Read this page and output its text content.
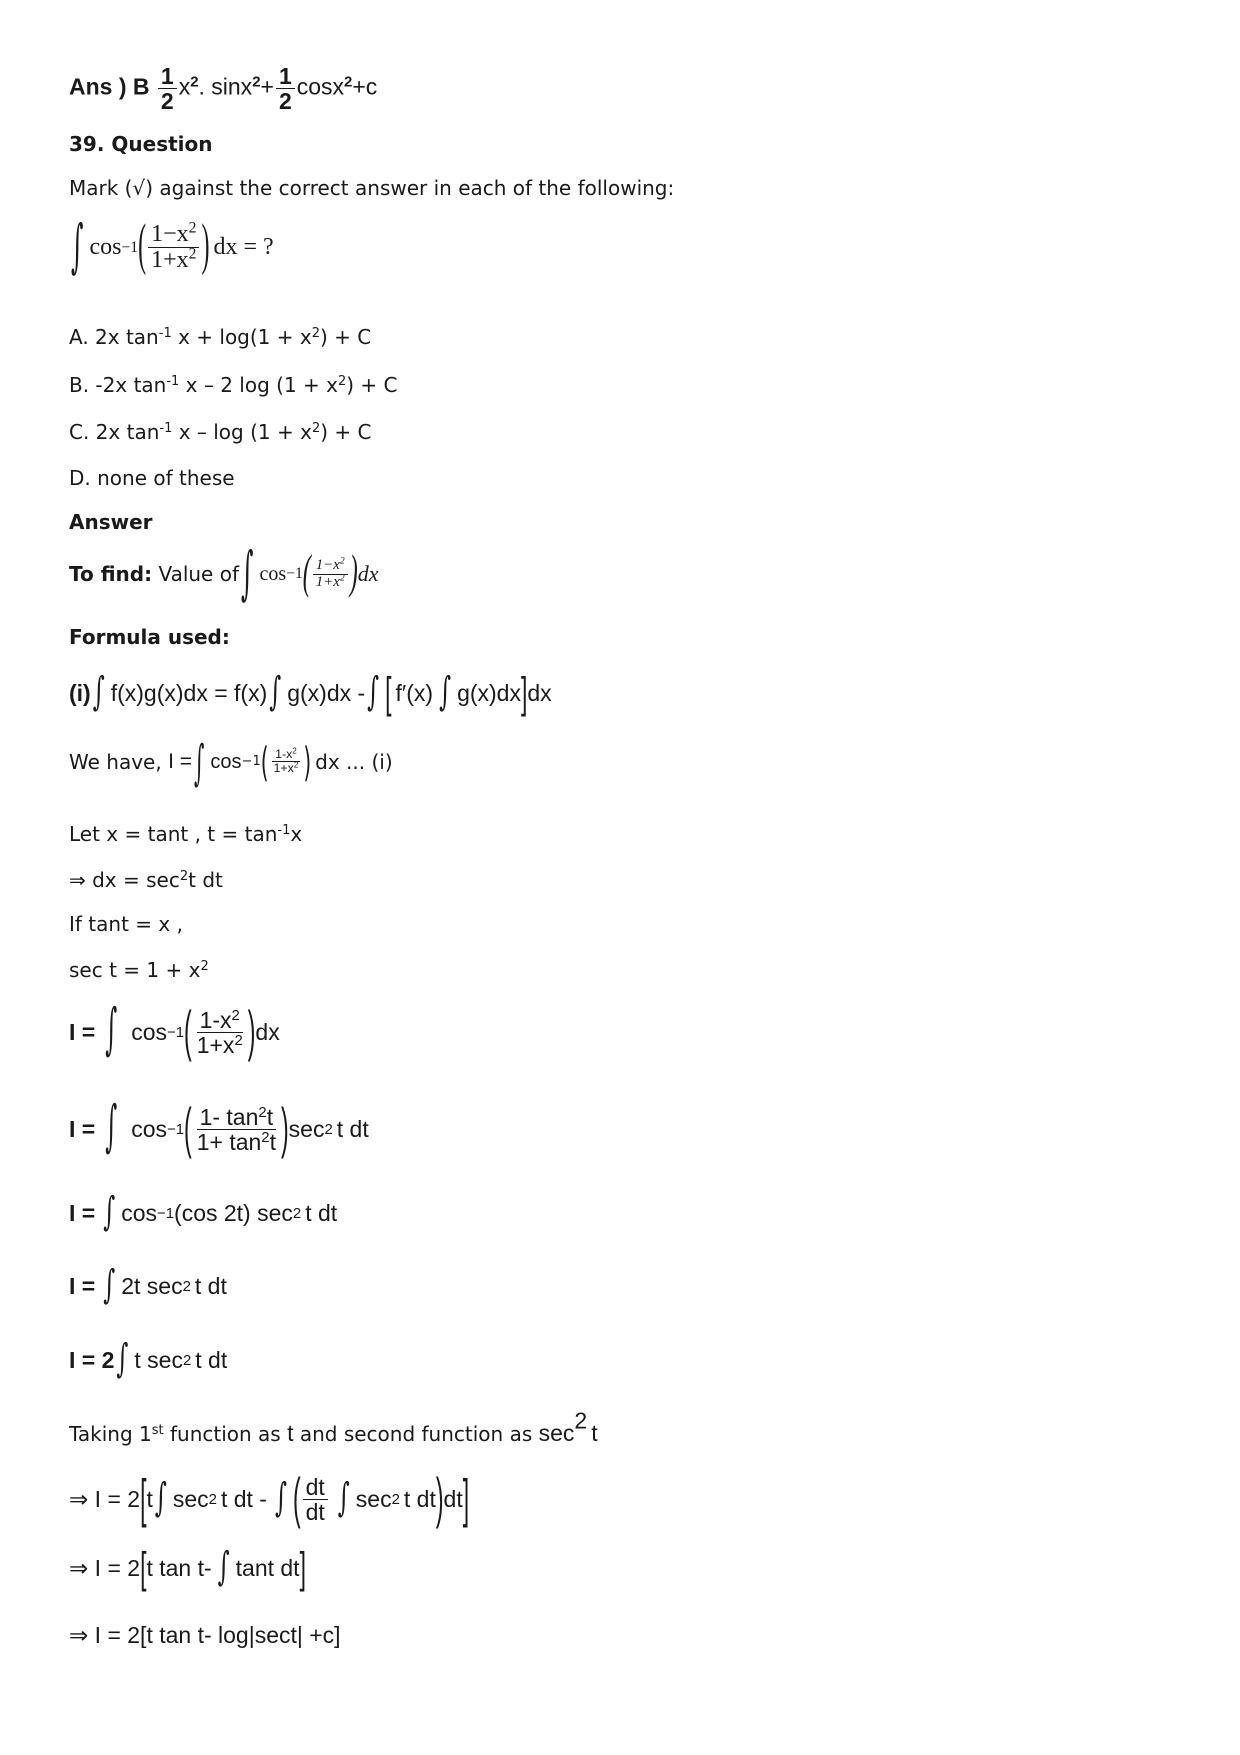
Ans ) B $\frac{1}{2} x^2$. $\sin x^2+ \frac{1}{2} \cos x^2+c$
39. Question
Mark (√) against the correct answer in each of the following:
∫ cos −1 ( $\frac{1-x^2}{1+x^2}$ ) dx = ?
A. 2x $\tan^{-1} x + \log(1 + x^2) + C$
B. -2x $\tan^{-1} x - 2$ $\log (1 + x^2) + C$
C. 2x $\tan^{-1} x - \log (1 + x^2) + C$
D. none of these
Answer
To find:
Value of ∫ cos −1 ( $\frac{1-x^2}{1+x^2}$ ) dx
Formula used:
(i) ∫ f(x)g(x)dx = f(x) ∫ g(x)dx - ∫ [ f′(x) ∫ g(x)dx ] dx
We have,
I = ∫ cos −1 ( $\frac{1-x^2}{1+x^2}$ ) dx ... (i)
Let x = tant , $t = \tan^{-1}x$
⇒ dx = $\sec^2t$ dt
If tant = x ,
$\sec t = 1 + x^2$
I = ∫ cos −1 ( $\frac{1-x^2}{1+x^2}$ ) dx
I = ∫ cos −1 ( $\frac{1- \tan^2t}{1+ \tan^2t}$ ) sec 2 t dt
I = ∫ cos −1 (cos 2t) sec 2 t dt
I = ∫ 2t sec 2 t dt
I = 2 ∫ t sec 2 t dt
Taking 1st function as t and second function as $\sec^2 t$
⇒ I = 2 [ t ∫ sec 2 t dt - ∫ ( $\frac{dt}{dt}$ ∫ sec 2 t dt ) dt ]
⇒ I = 2 [ t tan t- ∫ tant dt ]
⇒ I = 2[t tan t- log|sect| +c]
